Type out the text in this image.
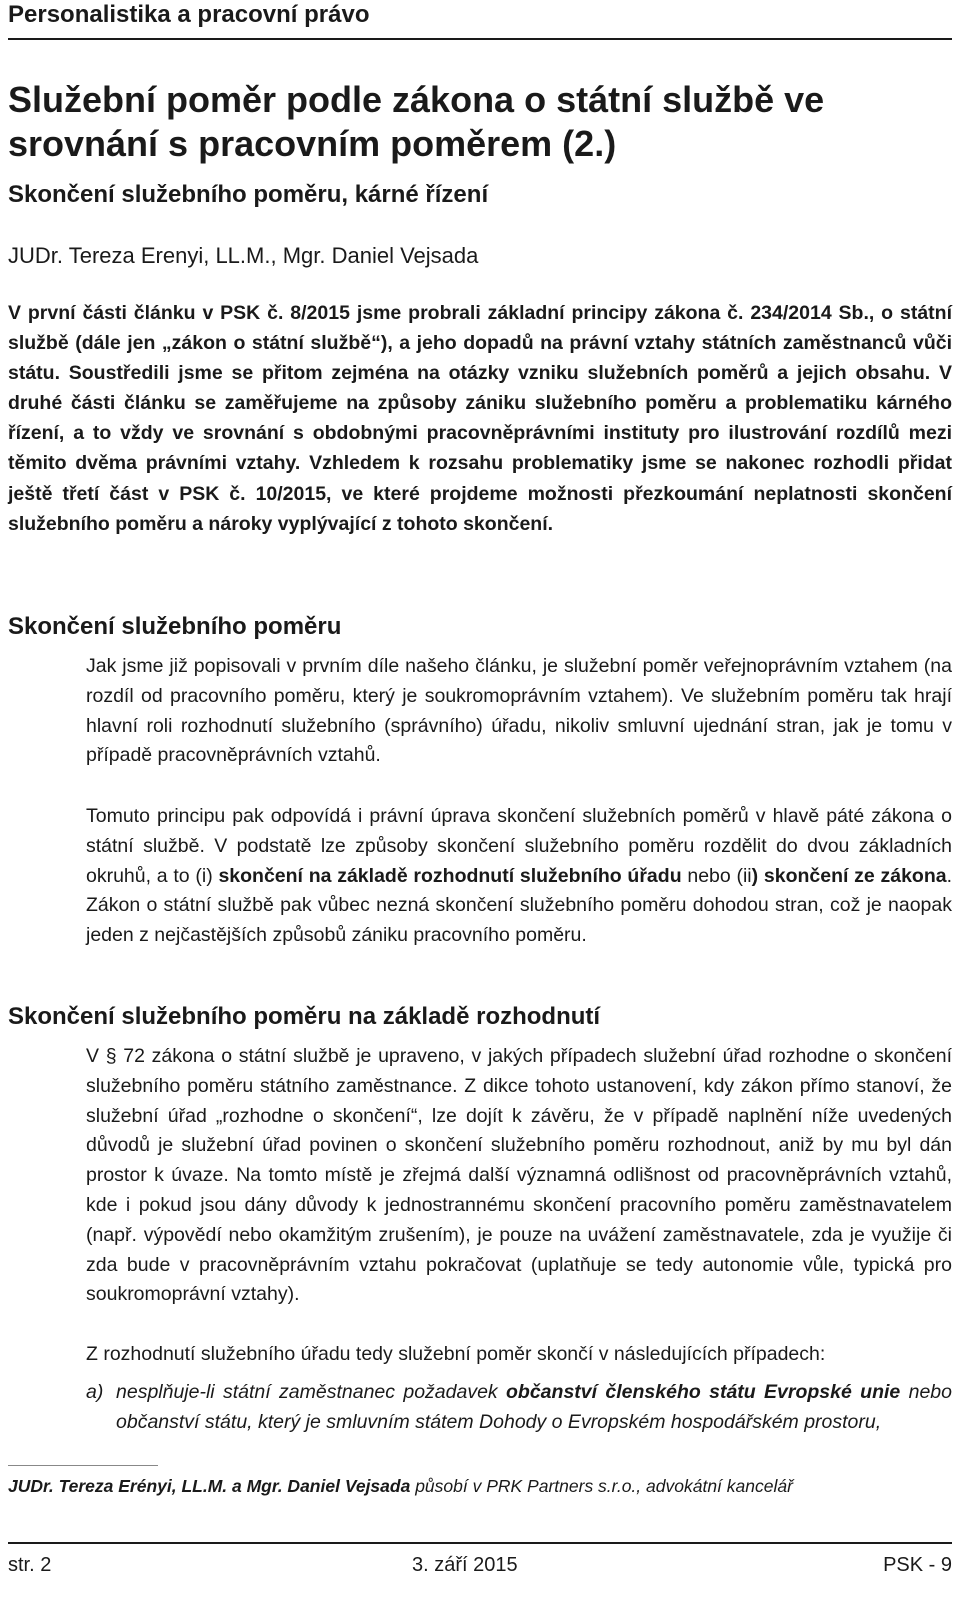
Personalistika a pracovní právo
Služební poměr podle zákona o státní službě ve srovnání s pracovním poměrem (2.)
Skončení služebního poměru, kárné řízení
JUDr. Tereza Erenyi, LL.M., Mgr. Daniel Vejsada
V první části článku v PSK č. 8/2015 jsme probrali základní principy zákona č. 234/2014 Sb., o státní službě (dále jen „zákon o státní službě“), a jeho dopadů na právní vztahy státních zaměstnanců vůči státu. Soustředili jsme se přitom zejména na otázky vzniku služebních poměrů a jejich obsahu. V druhé části článku se zaměřujeme na způsoby zániku služebního poměru a problematiku kárného řízení, a to vždy ve srovnání s obdobnými pracovněprávními instituty pro ilustrování rozdílů mezi těmito dvěma právními vztahy. Vzhledem k rozsahu problematiky jsme se nakonec rozhodli přidat ještě třetí část v PSK č. 10/2015, ve které projdeme možnosti přezkoumání neplatnosti skončení služebního poměru a nároky vyplývající z tohoto skončení.
Skončení služebního poměru
Jak jsme již popisovali v prvním díle našeho článku, je služební poměr veřejnoprávním vztahem (na rozdíl od pracovního poměru, který je soukromoprávním vztahem). Ve služebním poměru tak hrají hlavní roli rozhodnutí služebního (správního) úřadu, nikoliv smluvní ujednání stran, jak je tomu v případě pracovněprávních vztahů.
Tomuto principu pak odpovídá i právní úprava skončení služebních poměrů v hlavě páté zákona o státní službě. V podstatě lze způsoby skončení služebního poměru rozdělit do dvou základních okruhů, a to (i) skončení na základě rozhodnutí služebního úřadu nebo (ii) skončení ze zákona. Zákon o státní službě pak vůbec nezná skončení služebního poměru dohodou stran, což je naopak jeden z nejčastějších způsobů zániku pracovního poměru.
Skončení služebního poměru na základě rozhodnutí
V § 72 zákona o státní službě je upraveno, v jakých případech služební úřad rozhodne o skončení služebního poměru státního zaměstnance. Z dikce tohoto ustanovení, kdy zákon přímo stanoví, že služební úřad „rozhodne o skončení“, lze dojít k závěru, že v případě naplnění níže uvedených důvodů je služební úřad povinen o skončení služebního poměru rozhodnout, aniž by mu byl dán prostor k úvaze. Na tomto místě je zřejmá další významná odlišnost od pracovněprávních vztahů, kde i pokud jsou dány důvody k jednostrannému skončení pracovního poměru zaměstnavatelem (např. výpovědí nebo okamžitým zrušením), je pouze na uvážení zaměstnavatele, zda je využije či zda bude v pracovněprávním vztahu pokračovat (uplatňuje se tedy autonomie vůle, typická pro soukromoprávní vztahy).
Z rozhodnutí služebního úřadu tedy služební poměr skončí v následujících případech:
a) nesplňuje-li státní zaměstnanec požadavek občanství členského státu Evropské unie nebo občanství státu, který je smluvním státem Dohody o Evropském hospodářském prostoru,
JUDr. Tereza Erényi, LL.M. a Mgr. Daniel Vejsada působí v PRK Partners s.r.o., advokátní kancelář
str. 2	3. září 2015	PSK - 9
